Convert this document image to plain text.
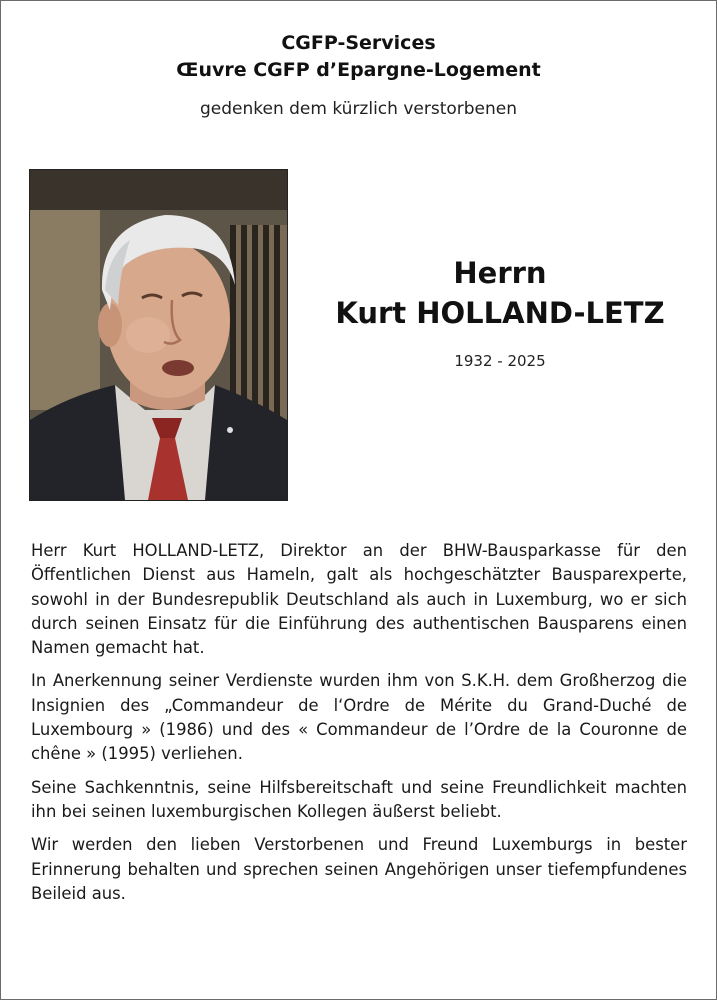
CGFP-Services
Œuvre CGFP d’Epargne-Logement
gedenken dem kürzlich verstorbenen
Herrn
Kurt HOLLAND-LETZ
1932 - 2025

Herr Kurt HOLLAND-LETZ, Direktor an der BHW-Bausparkasse für den Öffentlichen Dienst aus Hameln, galt als hochgeschätzter Bausparexperte, sowohl in der Bundesrepublik Deutschland als auch in Luxemburg, wo er sich durch seinen Einsatz für die Einführung des authentischen Bausparens einen Namen gemacht hat.

In Anerkennung seiner Verdienste wurden ihm von S.K.H. dem Großherzog die Insignien des „Commandeur de l‘Ordre de Mérite du Grand-Duché de Luxembourg » (1986) und des « Commandeur de l’Ordre de la Couronne de chêne » (1995) verliehen.

Seine Sachkenntnis, seine Hilfsbereitschaft und seine Freundlichkeit machten ihn bei seinen luxemburgischen Kollegen äußerst beliebt.

Wir werden den lieben Verstorbenen und Freund Luxemburgs in bester Erinnerung behalten und sprechen seinen Angehörigen unser tiefempfundenes Beileid aus.
